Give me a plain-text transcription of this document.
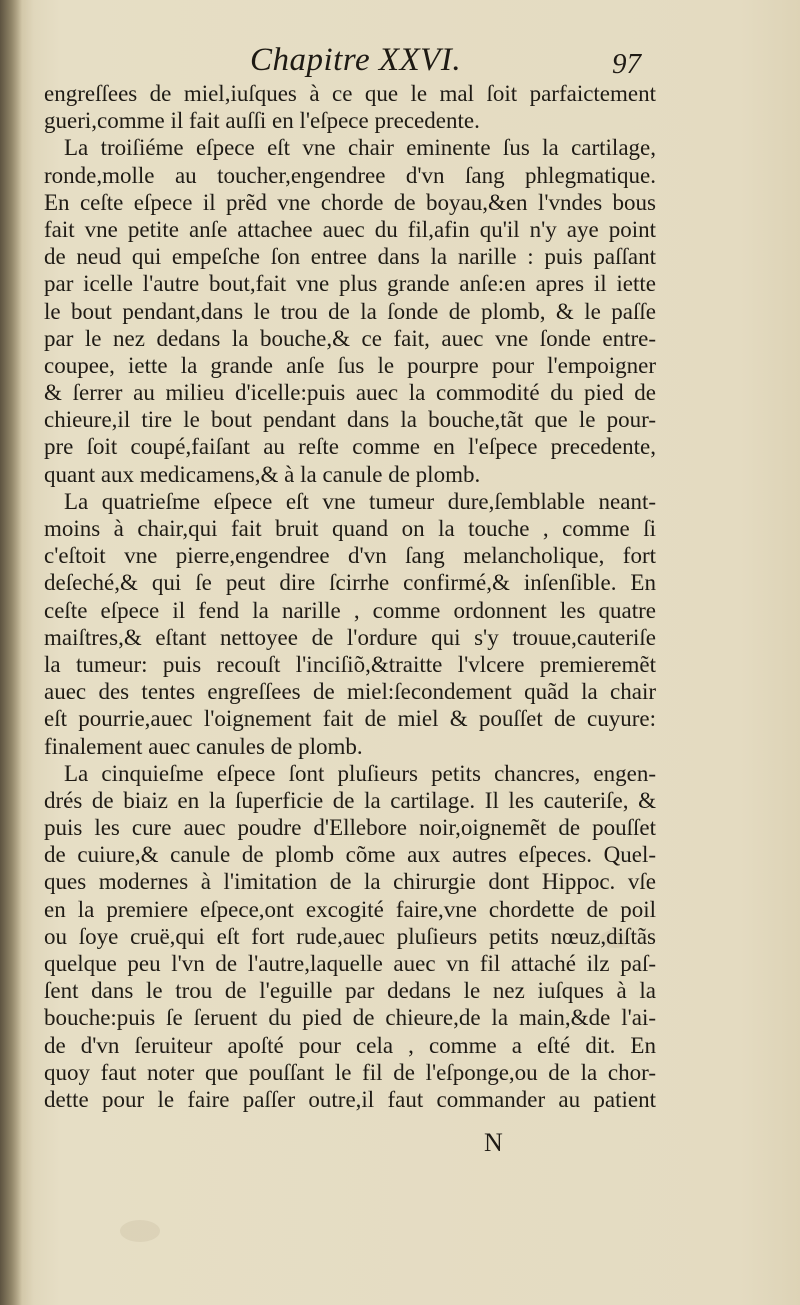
Chapitre XXVI.	97
engreſſees de miel,iuſques à ce que le mal ſoit parfaictement
gueri,comme il fait auſſi en l'eſpece precedente.
La troiſiéme eſpece eſt vne chair eminente ſus la cartilage,
ronde,molle au toucher,engendree d'vn ſang phlegmatique.
En ceſte eſpece il prẽd vne chorde de boyau,&en l'vndes bous
fait vne petite anſe attachee auec du fil,afin qu'il n'y aye point
de neud qui empeſche ſon entree dans la narille : puis paſſant
par icelle l'autre bout,fait vne plus grande anſe:en apres il iette
le bout pendant,dans le trou de la ſonde de plomb, & le paſſe
par le nez dedans la bouche,& ce fait, auec vne ſonde entre-
coupee, iette la grande anſe ſus le pourpre pour l'empoigner
& ſerrer au milieu d'icelle:puis auec la commodité du pied de
chieure,il tire le bout pendant dans la bouche,tãt que le pour-
pre ſoit coupé,faiſant au reſte comme en l'eſpece precedente,
quant aux medicamens,& à la canule de plomb.
La quatrieſme eſpece eſt vne tumeur dure,ſemblable neant-
moins à chair,qui fait bruit quand on la touche , comme ſi
c'eſtoit vne pierre,engendree d'vn ſang melancholique, fort
deſeché,& qui ſe peut dire ſcirrhe confirmé,& inſenſible. En
ceſte eſpece il fend la narille , comme ordonnent les quatre
maiſtres,& eſtant nettoyee de l'ordure qui s'y trouue,cauteriſe
la tumeur: puis recouſt l'inciſiõ,&traitte l'vlcere premieremẽt
auec des tentes engreſſees de miel:ſecondement quãd la chair
eſt pourrie,auec l'oignement fait de miel & pouſſet de cuyure:
finalement auec canules de plomb.
La cinquieſme eſpece ſont pluſieurs petits chancres, engen-
drés de biaiz en la ſuperficie de la cartilage. Il les cauteriſe, &
puis les cure auec poudre d'Ellebore noir,oignemẽt de pouſſet
de cuiure,& canule de plomb cõme aux autres eſpeces. Quel-
ques modernes à l'imitation de la chirurgie dont Hippoc. vſe
en la premiere eſpece,ont excogité faire,vne chordette de poil
ou ſoye cruë,qui eſt fort rude,auec pluſieurs petits nœuz,diſtãs
quelque peu l'vn de l'autre,laquelle auec vn fil attaché ilz paſ-
ſent dans le trou de l'eguille par dedans le nez iuſques à la
bouche:puis ſe ſeruent du pied de chieure,de la main,&de l'ai-
de d'vn ſeruiteur apoſté pour cela , comme a eſté dit. En
quoy faut noter que pouſſant le fil de l'eſponge,ou de la chor-
dette pour le faire paſſer outre,il faut commander au patient
N
